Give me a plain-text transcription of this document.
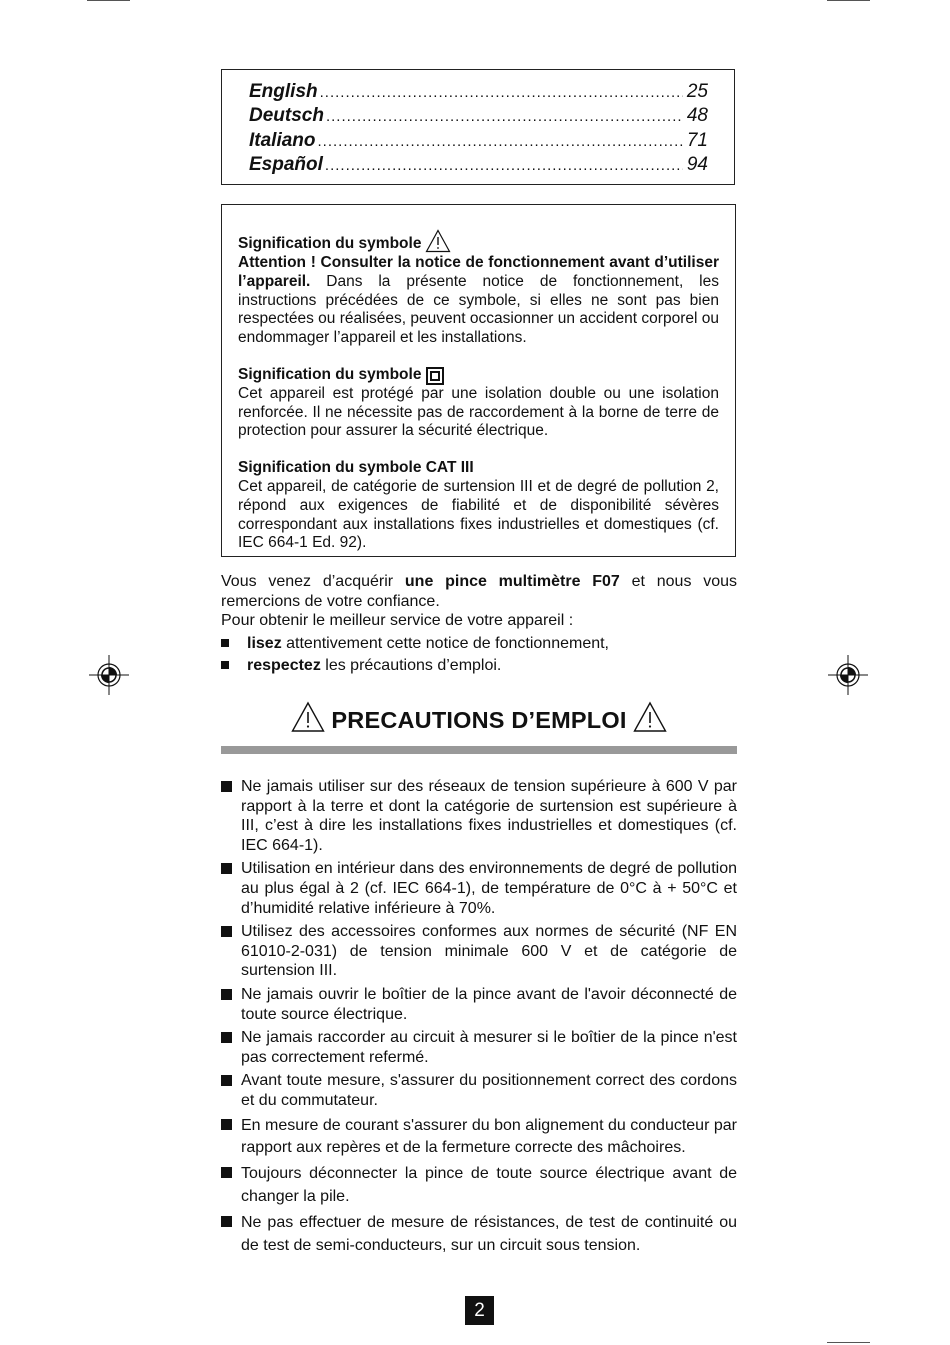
English .....	25
Deutsch .....	48
Italiano .....	71
Español .....	94
Signification du symbole

Attention ! Consulter la notice de fonctionnement avant d’utiliser l’appareil. Dans la présente notice de fonctionnement, les instructions précédées de ce symbole, si elles ne sont pas bien respectées ou réalisées, peuvent occasionner un accident corporel ou endommager l’appareil et les installations.

Signification du symbole

Cet appareil est protégé par une isolation double ou une isolation renforcée. Il ne nécessite pas de raccordement à la borne de terre de protection pour assurer la sécurité électrique.

Signification du symbole CAT III

Cet appareil, de catégorie de surtension III et de degré de pollution 2, répond aux exigences de fiabilité et de disponibilité sévères correspondant aux installations fixes industrielles et domestiques (cf. IEC 664-1 Ed. 92).

Vous venez d’acquérir une pince multimètre F07 et nous vous remercions de votre confiance.

Pour obtenir le meilleur service de votre appareil :

lisez attentivement cette notice de fonctionnement,
respectez les précautions d’emploi.
PRECAUTIONS D’EMPLOI
Ne jamais utiliser sur des réseaux de tension supérieure à 600 V par rapport à la terre et dont la catégorie de surtension est supérieure à III, c’est à dire les installations fixes industrielles et domestiques (cf. IEC 664-1).
Utilisation en intérieur dans des environnements de degré de pollution au plus égal à 2 (cf. IEC 664-1), de température de 0°C à + 50°C et d’humidité relative inférieure à 70%.
Utilisez des accessoires conformes aux normes de sécurité (NF EN 61010-2-031) de tension minimale 600 V et de catégorie de surtension III.
Ne jamais ouvrir le boîtier de la pince avant de l'avoir déconnecté de toute source électrique.
Ne jamais raccorder au circuit à mesurer si le boîtier de la pince n'est pas correctement refermé.
Avant toute mesure, s'assurer du positionnement correct des cordons et du commutateur.
En mesure de courant s'assurer du bon alignement du conducteur par rapport aux repères et de la fermeture correcte des mâchoires.
Toujours déconnecter la pince de toute source électrique avant de changer la pile.
Ne pas effectuer de mesure de résistances, de test de continuité ou de test de semi-conducteurs, sur un circuit sous tension.
2
